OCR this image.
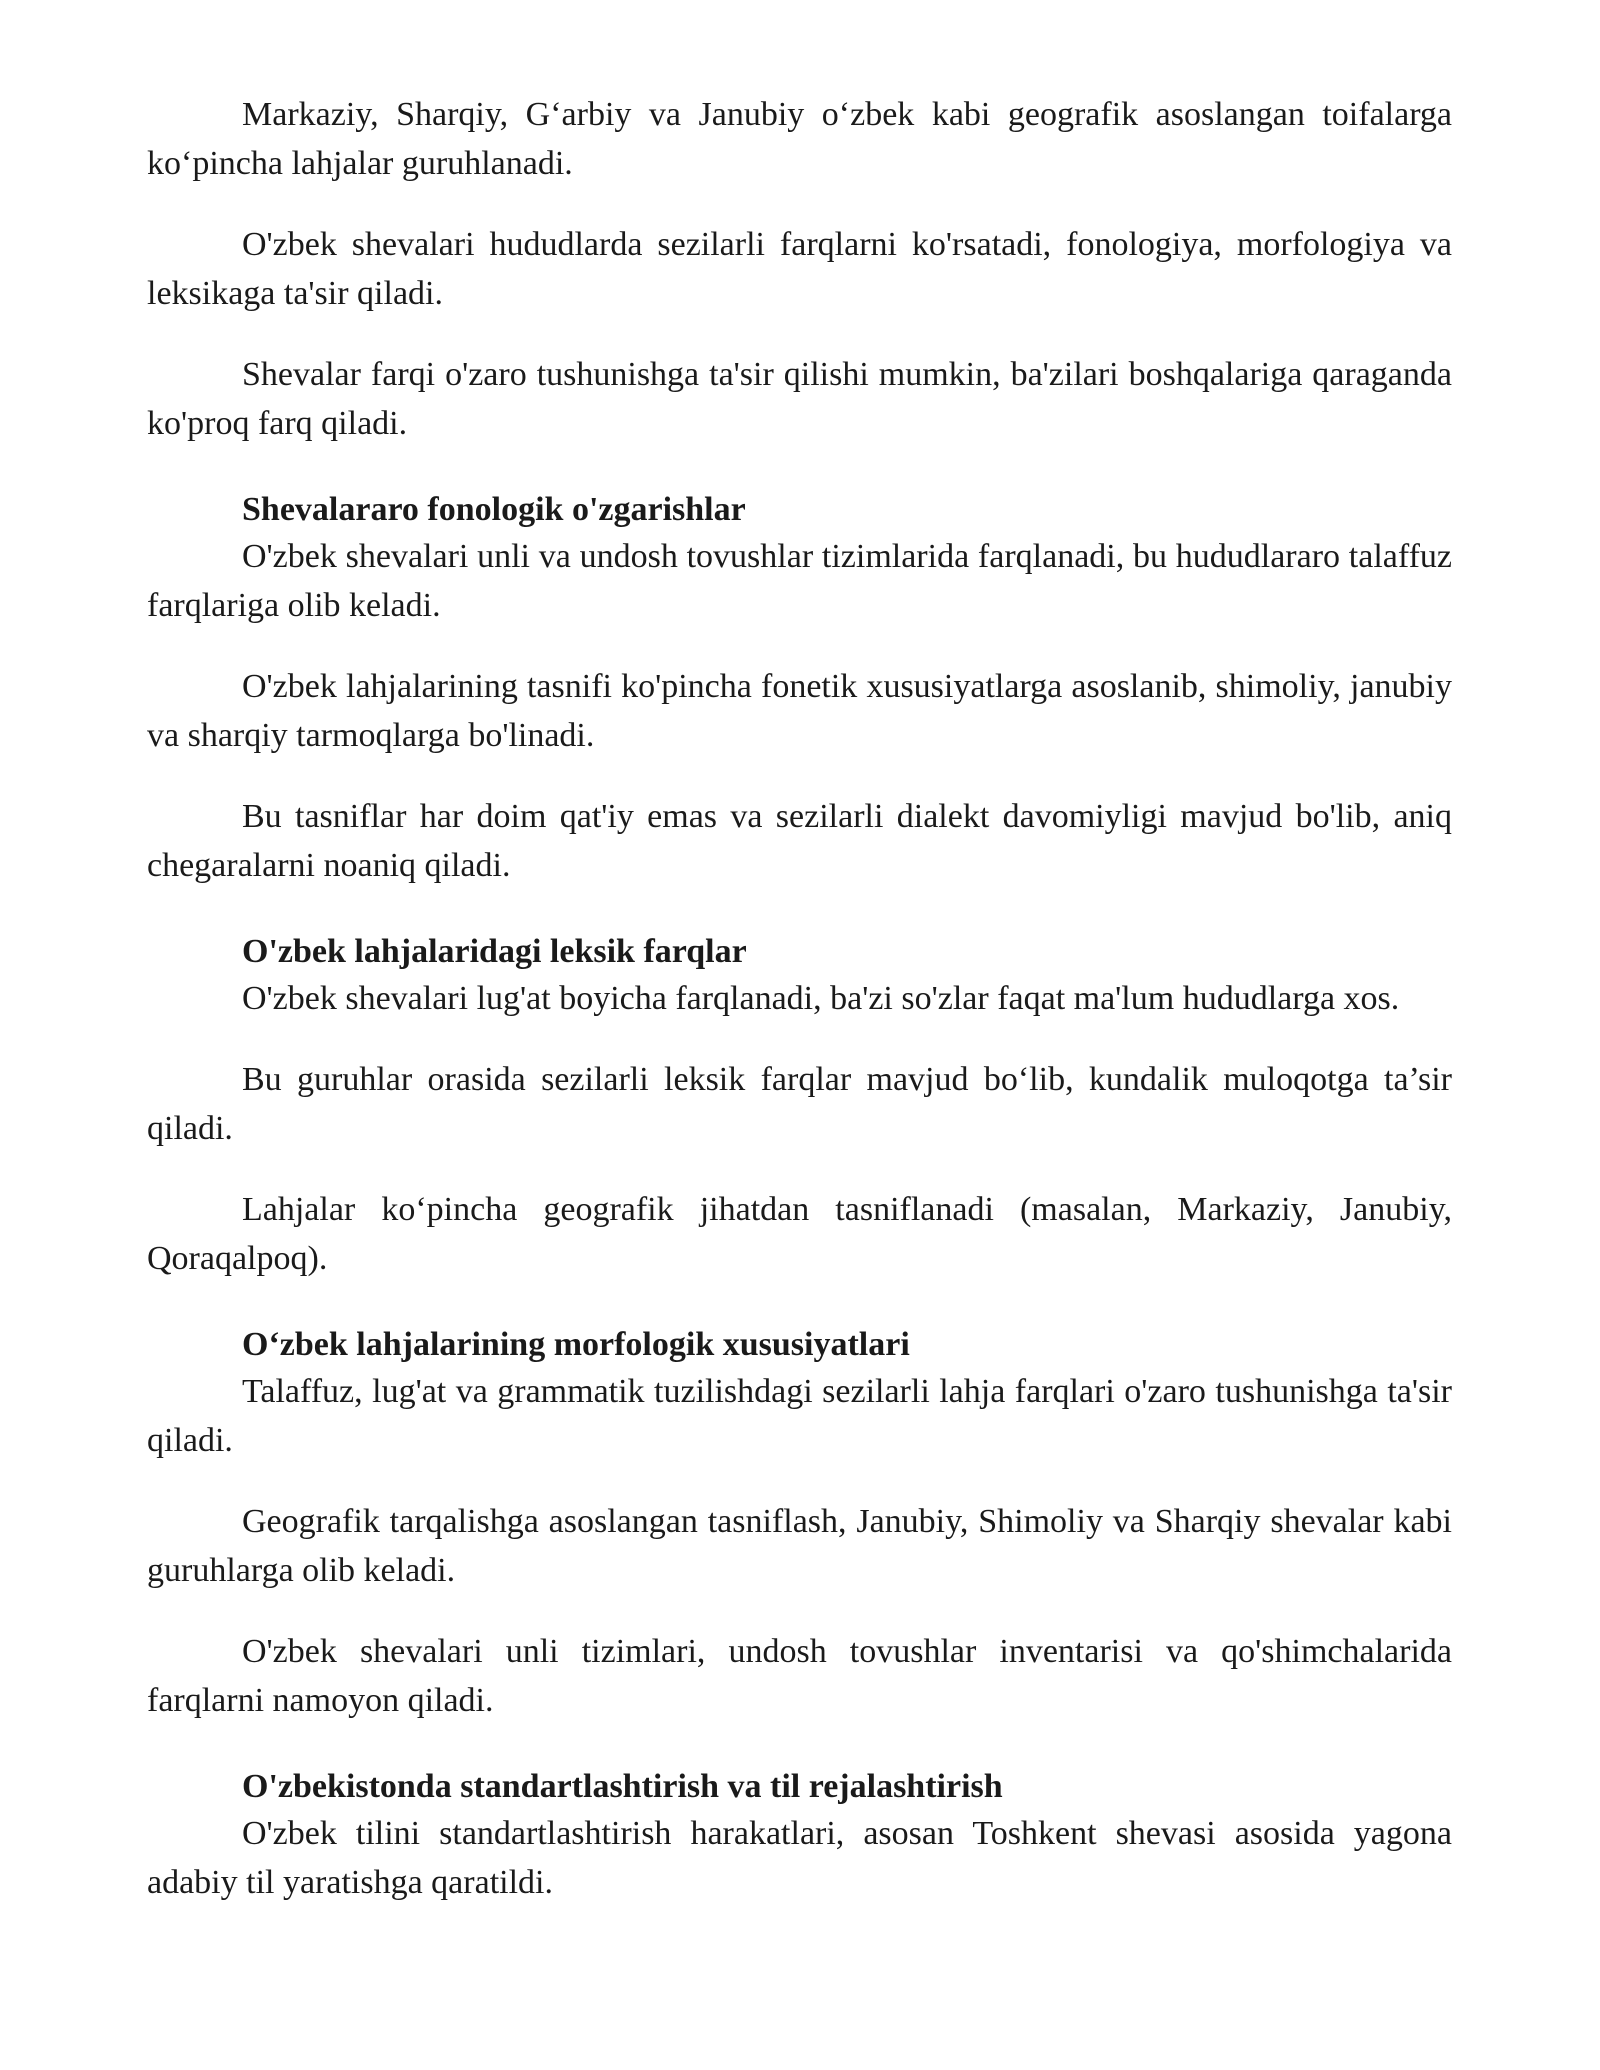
Markaziy, Sharqiy, G‘arbiy va Janubiy o‘zbek kabi geografik asoslangan toifalarga ko‘pincha lahjalar guruhlanadi.

O'zbek shevalari hududlarda sezilarli farqlarni ko'rsatadi, fonologiya, morfologiya va leksikaga ta'sir qiladi.

Shevalar farqi o'zaro tushunishga ta'sir qilishi mumkin, ba'zilari boshqalariga qaraganda ko'proq farq qiladi.

Shevalararo fonologik o'zgarishlar

O'zbek shevalari unli va undosh tovushlar tizimlarida farqlanadi, bu hududlararo talaffuz farqlariga olib keladi.

O'zbek lahjalarining tasnifi ko'pincha fonetik xususiyatlarga asoslanib, shimoliy, janubiy va sharqiy tarmoqlarga bo'linadi.

Bu tasniflar har doim qat'iy emas va sezilarli dialekt davomiyligi mavjud bo'lib, aniq chegaralarni noaniq qiladi.

O'zbek lahjalaridagi leksik farqlar

O'zbek shevalari lug'at boyicha farqlanadi, ba'zi so'zlar faqat ma'lum hududlarga xos.

Bu guruhlar orasida sezilarli leksik farqlar mavjud bo‘lib, kundalik muloqotga ta’sir qiladi.

Lahjalar ko‘pincha geografik jihatdan tasniflanadi (masalan, Markaziy, Janubiy, Qoraqalpoq).

O‘zbek lahjalarining morfologik xususiyatlari

Talaffuz, lug'at va grammatik tuzilishdagi sezilarli lahja farqlari o'zaro tushunishga ta'sir qiladi.

Geografik tarqalishga asoslangan tasniflash, Janubiy, Shimoliy va Sharqiy shevalar kabi guruhlarga olib keladi.

O'zbek shevalari unli tizimlari, undosh tovushlar inventarisi va qo'shimchalarida farqlarni namoyon qiladi.

O'zbekistonda standartlashtirish va til rejalashtirish

O'zbek tilini standartlashtirish harakatlari, asosan Toshkent shevasi asosida yagona adabiy til yaratishga qaratildi.
